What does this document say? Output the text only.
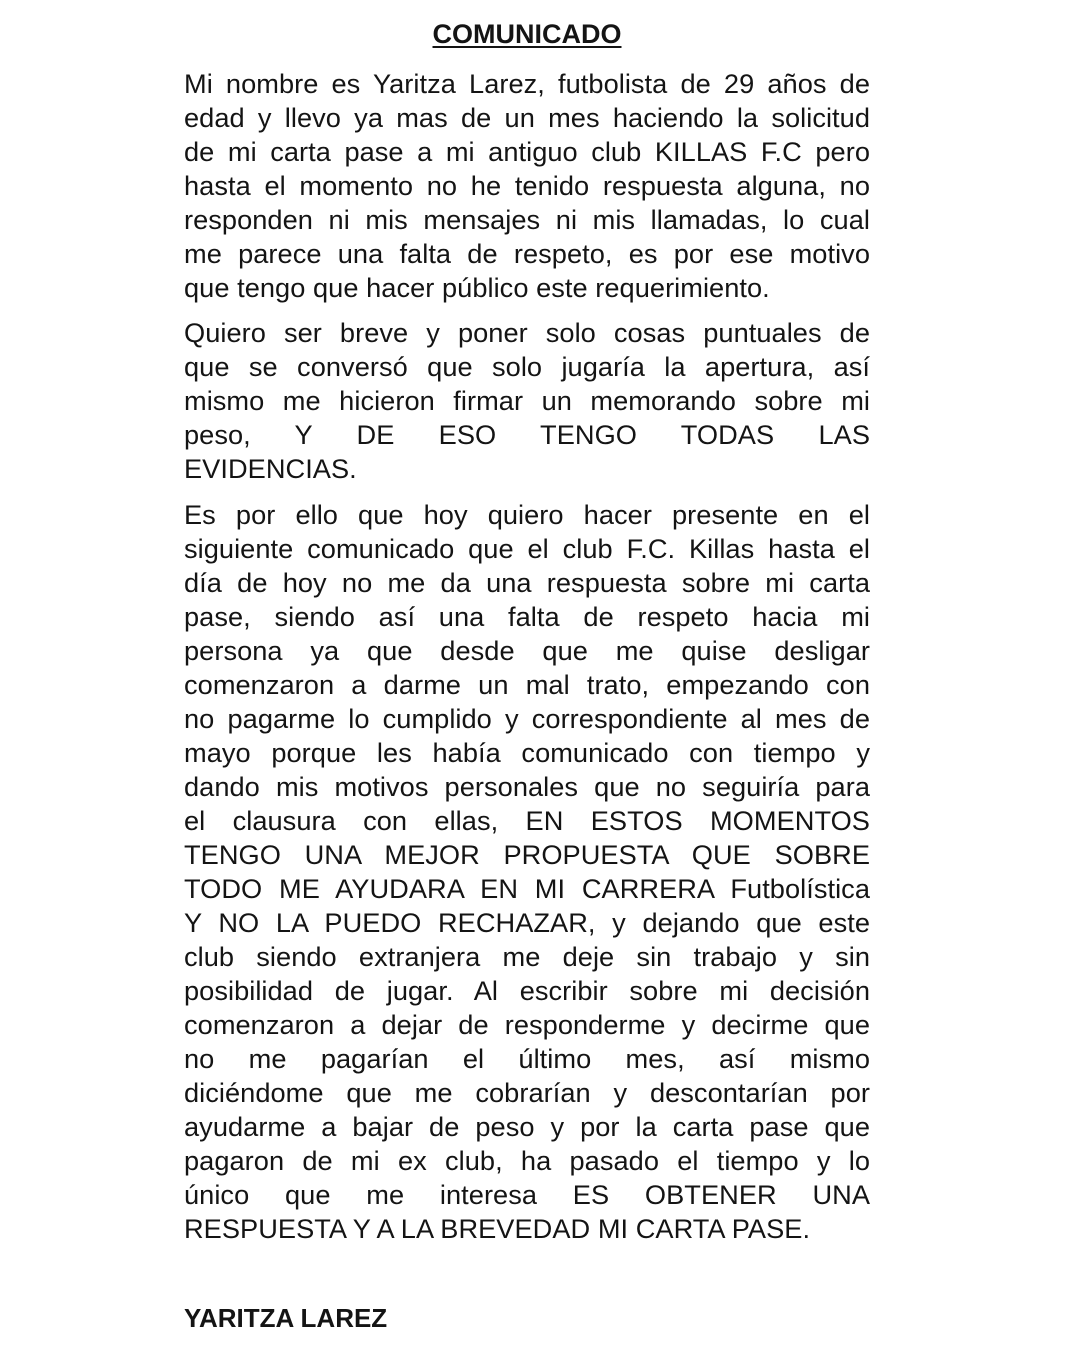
COMUNICADO
Mi nombre es Yaritza Larez, futbolista de 29 años de
edad y llevo ya mas de un mes haciendo la solicitud
de mi carta pase a mi antiguo club KILLAS F.C pero
hasta el momento no he tenido respuesta alguna, no
responden ni mis mensajes ni mis llamadas, lo cual
me parece una falta de respeto, es por ese motivo
que tengo que hacer público este requerimiento.
Quiero ser breve y poner solo cosas puntuales de
que se conversó que solo jugaría la apertura, así
mismo me hicieron firmar un memorando sobre mi
peso, Y DE ESO TENGO TODAS LAS
EVIDENCIAS.
Es por ello que hoy quiero hacer presente en el
siguiente comunicado que el club F.C. Killas hasta el
día de hoy no me da una respuesta sobre mi carta
pase, siendo así una falta de respeto hacia mi
persona ya que desde que me quise desligar
comenzaron a darme un mal trato, empezando con
no pagarme lo cumplido y correspondiente al mes de
mayo porque les había comunicado con tiempo y
dando mis motivos personales que no seguiría para
el clausura con ellas, EN ESTOS MOMENTOS
TENGO UNA MEJOR PROPUESTA QUE SOBRE
TODO ME AYUDARA EN MI CARRERA Futbolística
Y NO LA PUEDO RECHAZAR, y dejando que este
club siendo extranjera me deje sin trabajo y sin
posibilidad de jugar. Al escribir sobre mi decisión
comenzaron a dejar de responderme y decirme que
no me pagarían el último mes, así mismo
diciéndome que me cobrarían y descontarían por
ayudarme a bajar de peso y por la carta pase que
pagaron de mi ex club, ha pasado el tiempo y lo
único que me interesa ES OBTENER UNA
RESPUESTA Y A LA BREVEDAD MI CARTA PASE.
YARITZA LAREZ
